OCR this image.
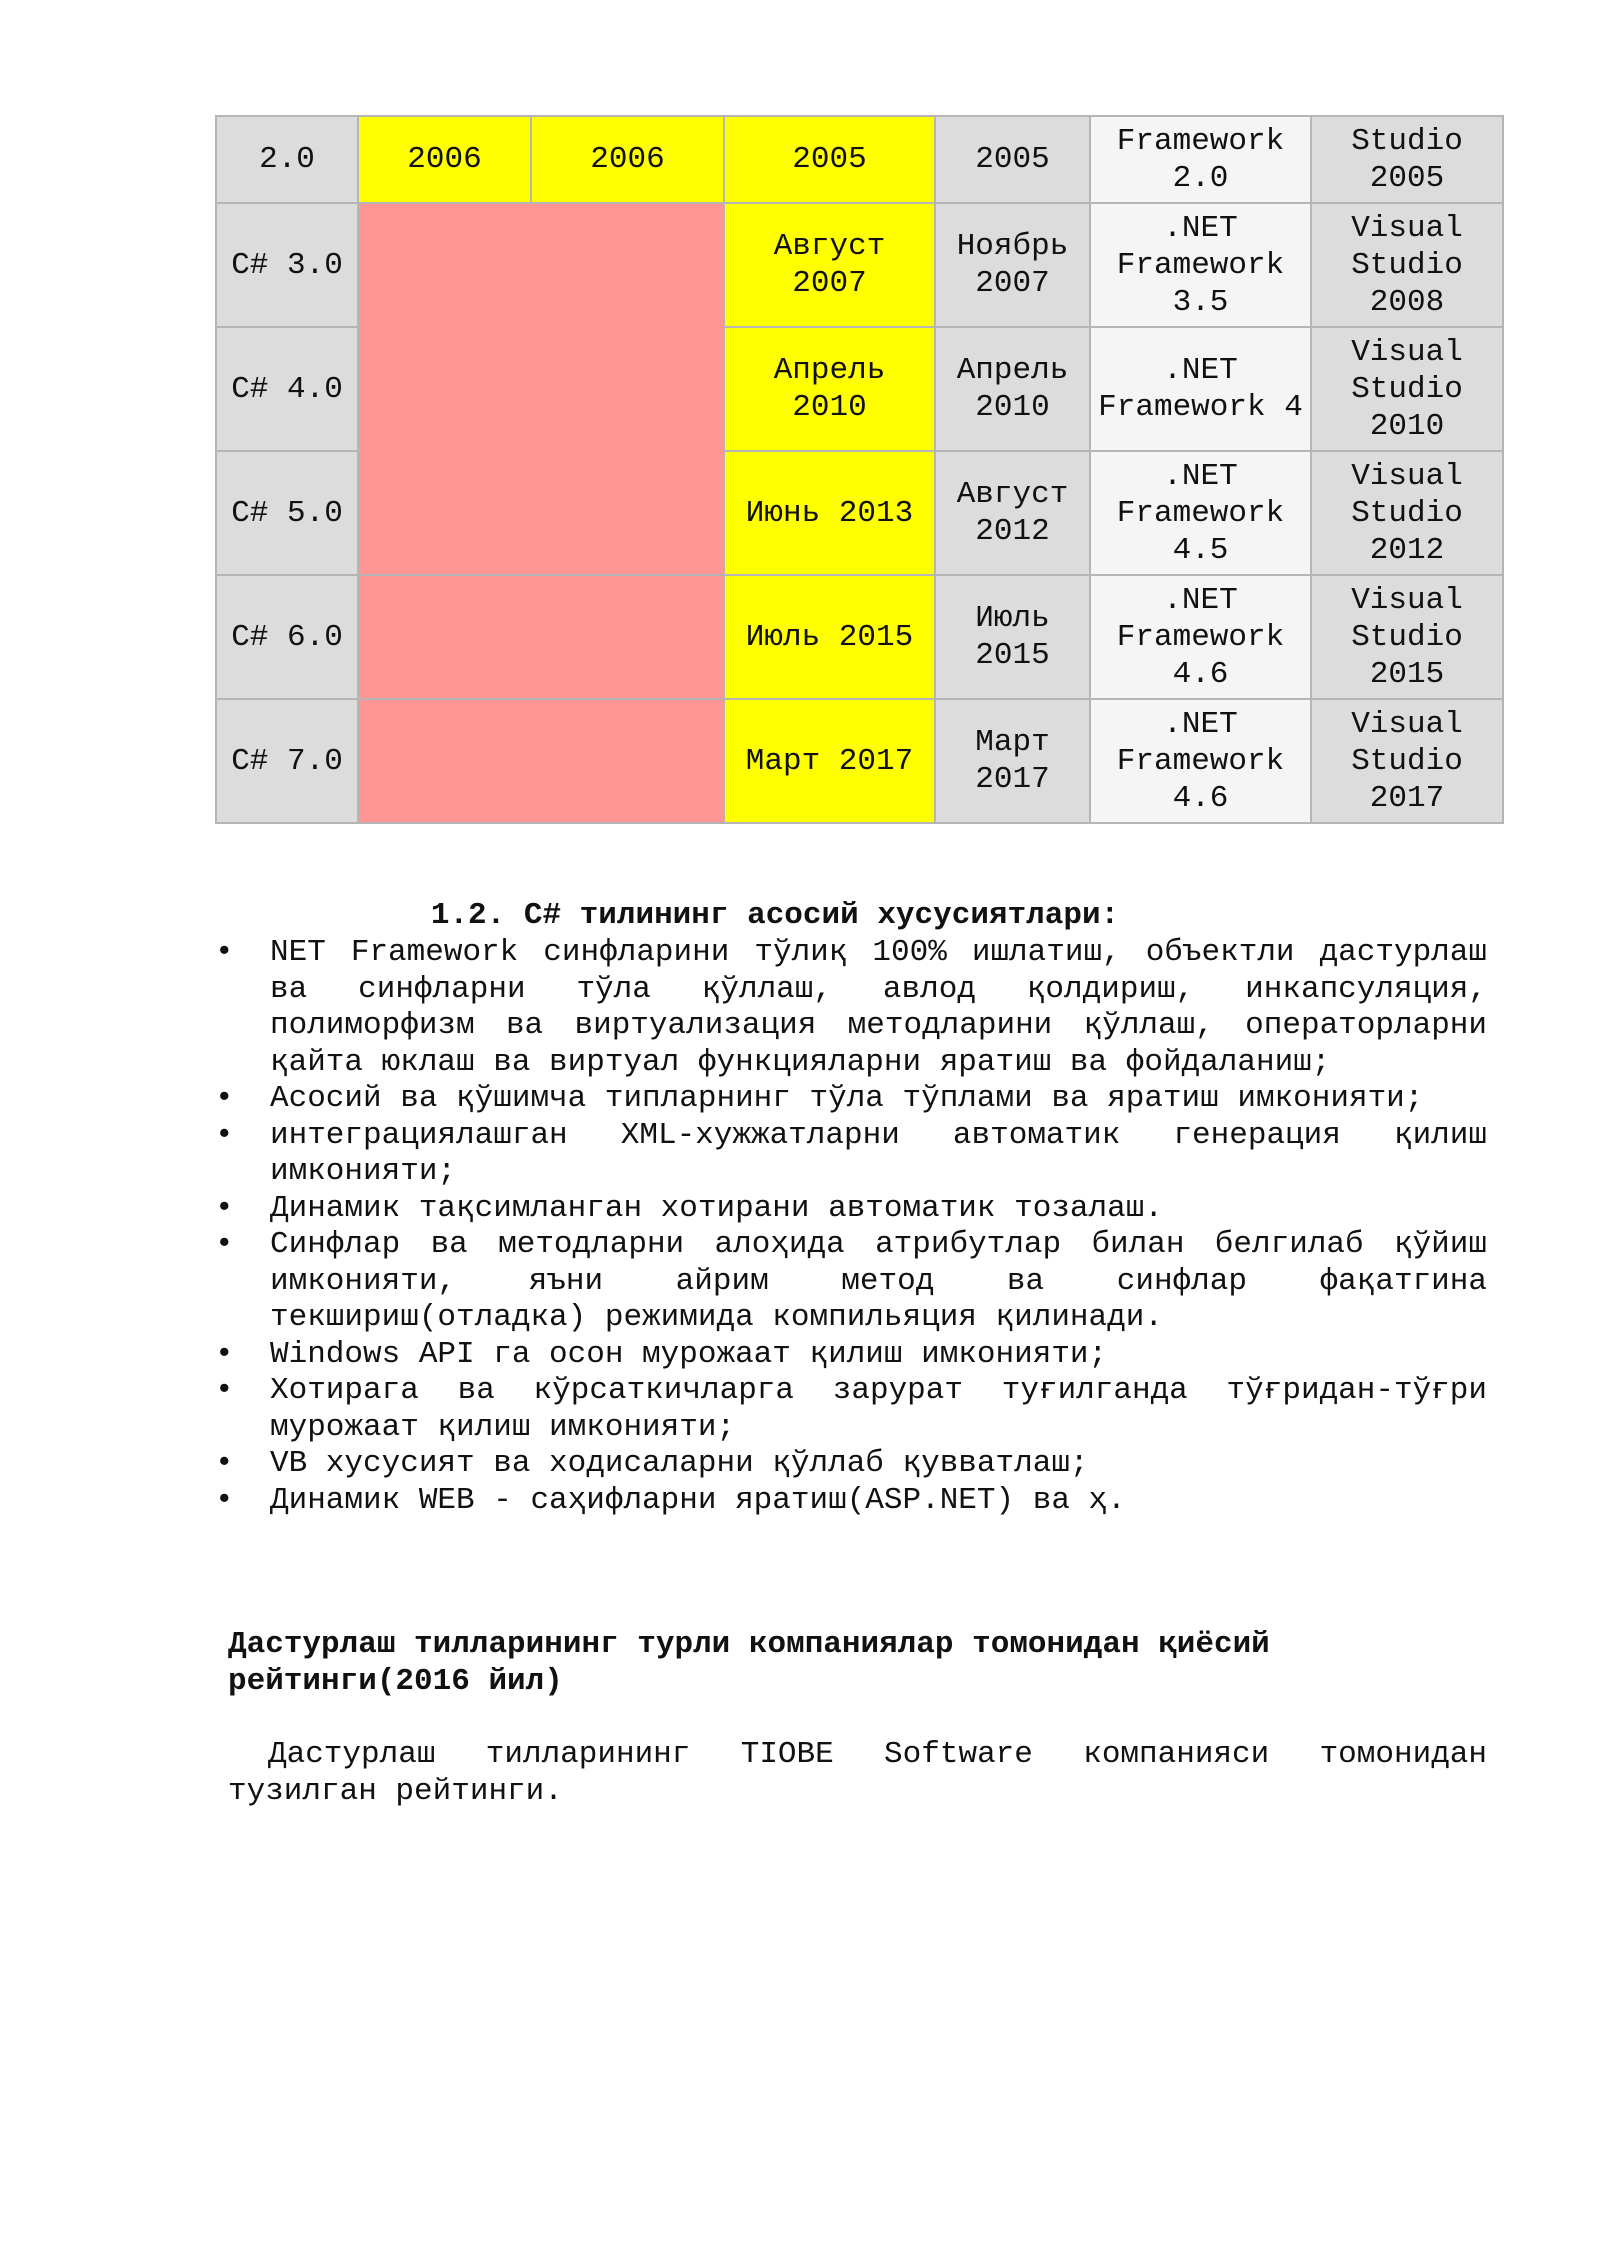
2.0	2006	2006	2005	2005	Framework 2.0	Studio 2005
C# 3.0			Август 2007	Ноябрь 2007	.NET Framework 3.5	Visual Studio 2008
C# 4.0			Апрель 2010	Апрель 2010	.NET Framework 4	Visual Studio 2010
C# 5.0			Июнь 2013	Август 2012	.NET Framework 4.5	Visual Studio 2012
C# 6.0			Июль 2015	Июль 2015	.NET Framework 4.6	Visual Studio 2015
C# 7.0			Март 2017	Март 2017	.NET Framework 4.6	Visual Studio 2017
1.2. C# тилининг асосий хусусиятлари:
•	NET Framework синфларини тўлиқ 100% ишлатиш, объектли дастурлаш ва синфларни тўла қўллаш, авлод қолдириш, инкапсуляция, полиморфизм ва виртуализация методларини қўллаш, операторларни қайта юклаш ва виртуал функцияларни яратиш ва фойдаланиш;
•	Асосий ва қўшимча типларнинг тўла тўплами ва яратиш имконияти;
•	интеграциялашган XML-хужжатларни автоматик генерация қилиш имконияти;
•	Динамик тақсимланган хотирани автоматик тозалаш.
•	Синфлар ва методларни алоҳида атрибутлар билан белгилаб қўйиш имконияти, яъни айрим метод ва синфлар фақатгина текшириш(отладка) режимида компильяция қилинади.
•	Windows API га осон мурожаат қилиш имконияти;
•	Хотирага ва кўрсаткичларга зарурат туғилганда тўғридан-тўғри мурожаат қилиш имконияти;
•	VB хусусият ва ходисаларни қўллаб қувватлаш;
•	Динамик WEB - саҳифларни яратиш(ASP.NET) ва ҳ.
Дастурлаш тилларининг турли компаниялар томонидан қиёсий рейтинги(2016 йил)

Дастурлаш тилларининг TIOBE Software компанияси томонидан тузилган рейтинги.
